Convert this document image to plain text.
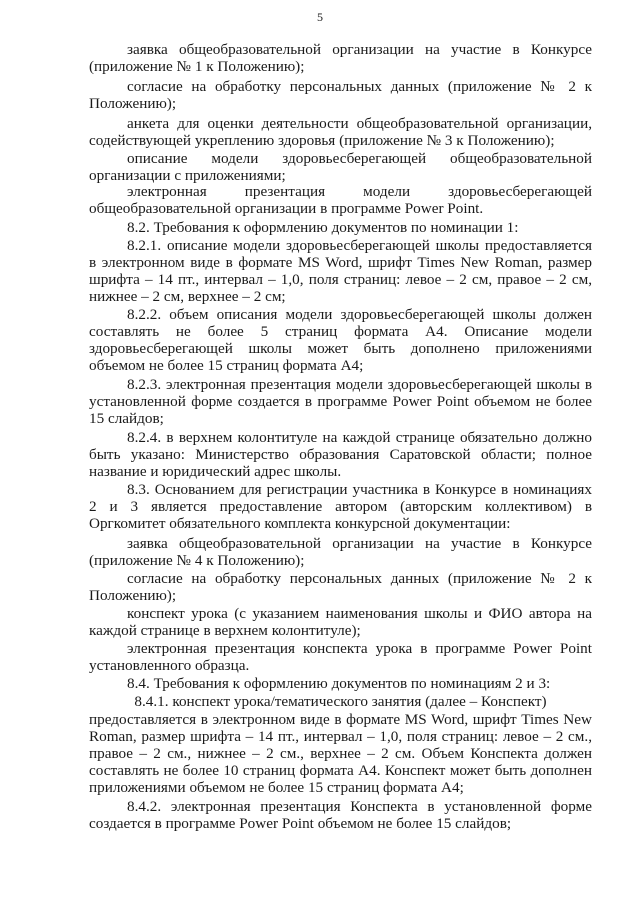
5
заявка общеобразовательной организации на участие в Конкурсе (приложение № 1 к Положению);
согласие на обработку персональных данных (приложение № 2 к Положению);
анкета для оценки деятельности общеобразовательной организации, содействующей укреплению здоровья (приложение № 3 к Положению);
описание модели здоровьесберегающей общеобразовательной организации с приложениями;
электронная презентация модели здоровьесберегающей общеобразовательной организации в программе Power Point.
8.2. Требования к оформлению документов по номинации 1:
8.2.1. описание модели здоровьесберегающей школы предоставляется в электронном виде в формате MS Word, шрифт Times New Roman, размер шрифта – 14 пт., интервал – 1,0, поля страниц: левое – 2 см, правое – 2 см, нижнее – 2 см, верхнее – 2 см;
8.2.2. объем описания модели здоровьесберегающей школы должен составлять не более 5 страниц формата А4. Описание модели здоровьесберегающей школы может быть дополнено приложениями объемом не более 15 страниц формата А4;
8.2.3. электронная презентация модели здоровьесберегающей школы в установленной форме создается в программе Power Point объемом не более 15 слайдов;
8.2.4. в верхнем колонтитуле на каждой странице обязательно должно быть указано: Министерство образования Саратовской области; полное название и юридический адрес школы.
8.3. Основанием для регистрации участника в Конкурсе в номинациях 2 и 3 является предоставление автором (авторским коллективом) в Оргкомитет обязательного комплекта конкурсной документации:
заявка общеобразовательной организации на участие в Конкурсе (приложение № 4 к Положению);
согласие на обработку персональных данных (приложение № 2 к Положению);
конспект урока (с указанием наименования школы и ФИО автора на каждой странице в верхнем колонтитуле);
электронная презентация конспекта урока в программе Power Point установленного образца.
8.4. Требования к оформлению документов по номинациям 2 и 3:
8.4.1. конспект урока/тематического занятия (далее – Конспект)
предоставляется в электронном виде в формате MS Word, шрифт Times New Roman, размер шрифта – 14 пт., интервал – 1,0, поля страниц: левое – 2 см., правое – 2 см., нижнее – 2 см., верхнее – 2 см. Объем Конспекта должен составлять не более 10 страниц формата А4. Конспект может быть дополнен приложениями объемом не более 15 страниц формата А4;
8.4.2. электронная презентация Конспекта в установленной форме создается в программе Power Point объемом не более 15 слайдов;
